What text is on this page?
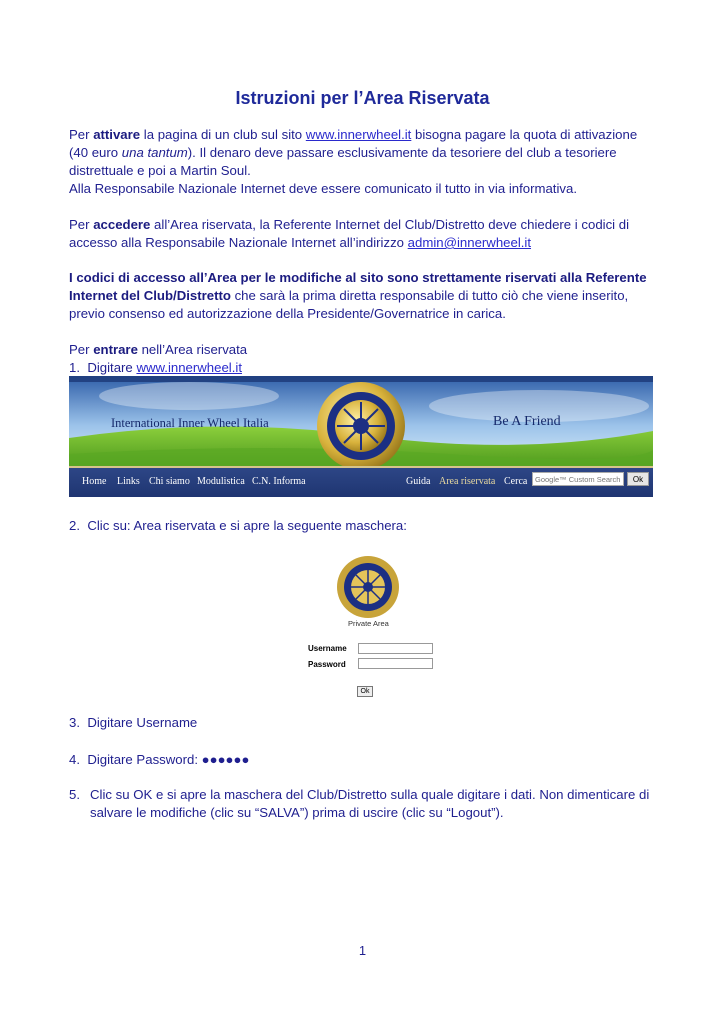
Istruzioni per l’Area Riservata
Per attivare la pagina di un club sul sito www.innerwheel.it bisogna pagare la quota di attivazione (40 euro una tantum). Il denaro deve passare esclusivamente da tesoriere del club a tesoriere distrettuale e poi a Martin Soul.
Alla Responsabile Nazionale Internet deve essere comunicato il tutto in via informativa.
Per accedere all’Area riservata, la Referente Internet del Club/Distretto deve chiedere i codici di accesso alla Responsabile Nazionale Internet all’indirizzo admin@innerwheel.it
I codici di accesso all’Area per le modifiche al sito sono strettamente riservati alla Referente Internet del Club/Distretto che sarà la prima diretta responsabile di tutto ciò che viene inserito, previo consenso ed autorizzazione della Presidente/Governatrice in carica.
Per entrare nell’Area riservata
1. Digitare www.innerwheel.it
International Inner Wheel Italia	Be A Friend
Home Links Chi siamo Modulistica C.N. Informa	Guida Area riservata Cerca	Google™ Custom Search	Ok
2. Clic su: Area riservata e si apre la seguente maschera:
Private Area
Username
Password
Ok
3. Digitare Username
4. Digitare Password: ●●●●●●
5. Clic su OK e si apre la maschera del Club/Distretto sulla quale digitare i dati. Non dimenticare di salvare le modifiche (clic su “SALVA”) prima di uscire (clic su “Logout”).
1
